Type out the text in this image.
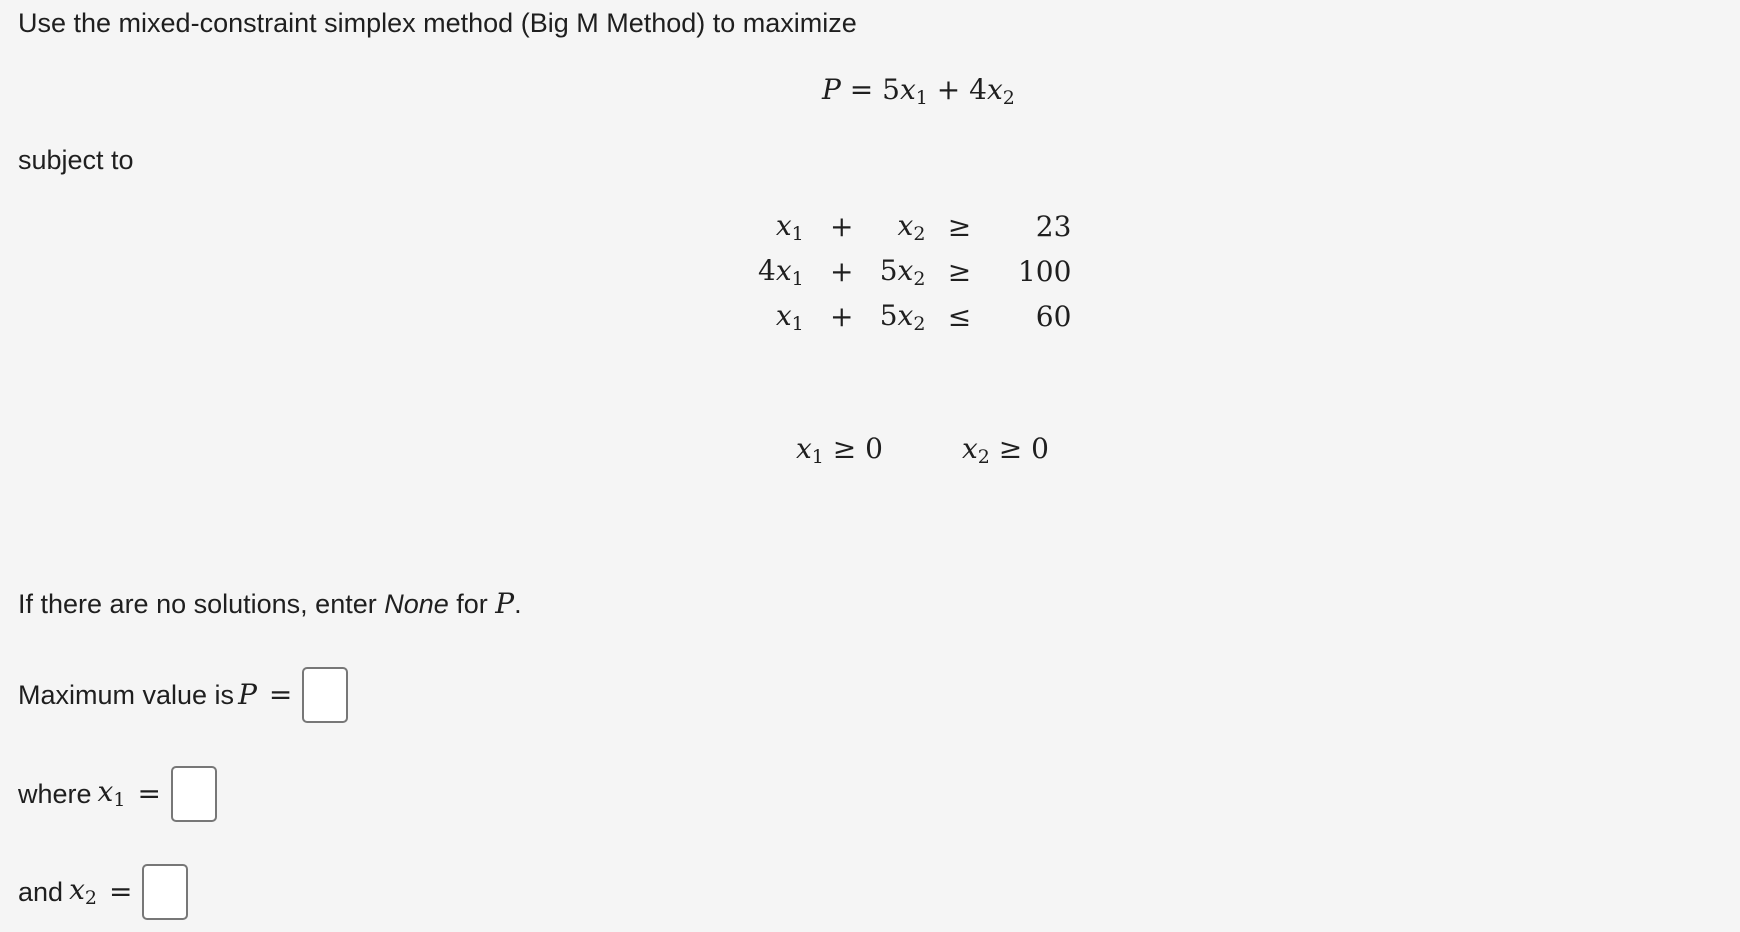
Use the mixed-constraint simplex method (Big M Method) to maximize
$P = 5x_1 + 4x_2$
subject to
$x_1$	+	$x_2$	≥	23
$4x_1$	+	$5x_2$	≥	100
$x_1$	+	$5x_2$	≤	60
$x_1 \ge 0$	$x_2 \ge 0$
If there are no solutions, enter None for P.
Maximum value is P =
where $x_1$ =
and $x_2$ =
